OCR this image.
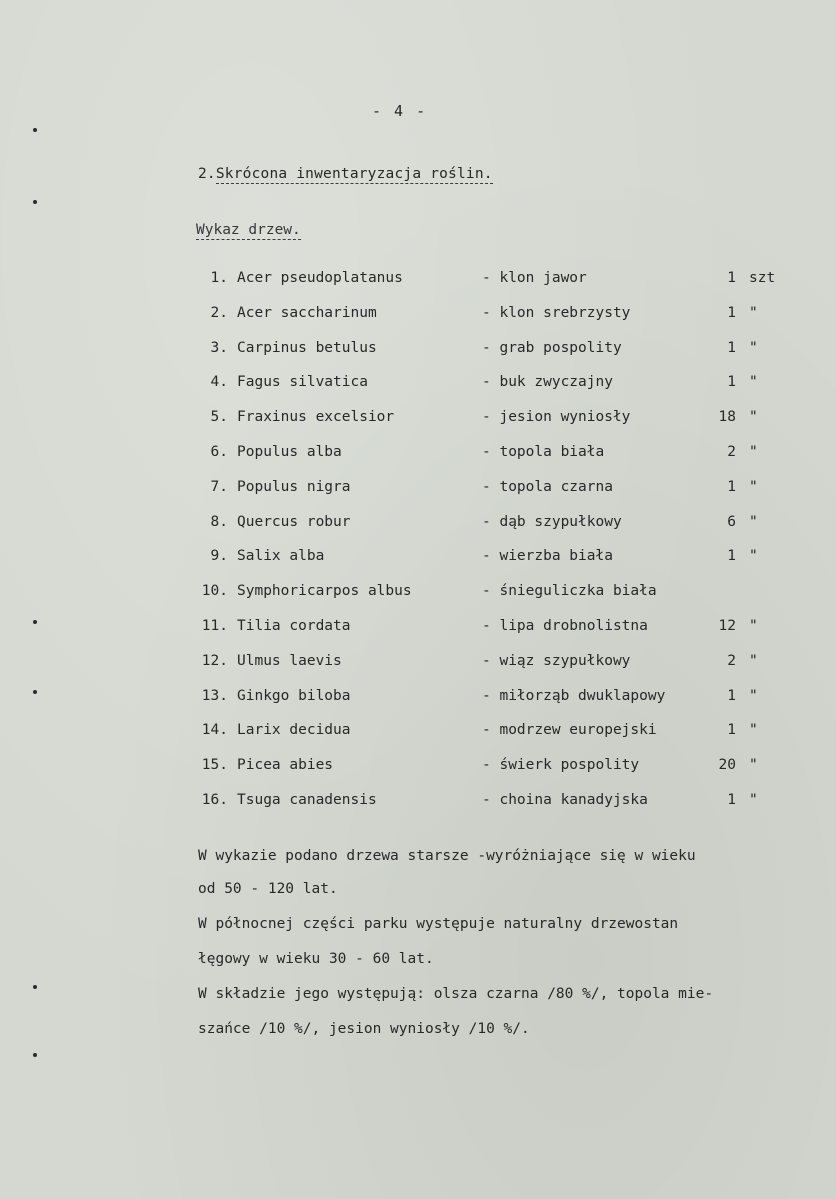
- 4 -
2.Skrócona inwentaryzacja roślin.
Wykaz drzew.
1. Acer pseudoplatanus	- klon jawor	1 szt
2. Acer saccharinum	- klon srebrzysty	1 "
3. Carpinus betulus	- grab pospolity	1 "
4. Fagus silvatica	- buk zwyczajny	1 "
5. Fraxinus excelsior	- jesion wyniosły	18 "
6. Populus alba	- topola biała	2 "
7. Populus nigra	- topola czarna	1 "
8. Quercus robur	- dąb szypułkowy	6 "
9. Salix alba	- wierzba biała	1 "
10. Symphoricarpos albus	- śnieguliczka biała
11. Tilia cordata	- lipa drobnolistna	12 "
12. Ulmus laevis	- wiąz szypułkowy	2 "
13. Ginkgo biloba	- miłorząb dwuklapowy	1 "
14. Larix decidua	- modrzew europejski	1 "
15. Picea abies	- świerk pospolity	20 "
16. Tsuga canadensis	- choina kanadyjska	1 "
W wykazie podano drzewa starsze -wyróżniające się w wieku
od 50 - 120 lat.
W północnej części parku występuje naturalny drzewostan
łęgowy w wieku 30 - 60 lat.
W składzie jego występują: olsza czarna /80 %/, topola mie-
szańce /10 %/, jesion wyniosły /10 %/.
